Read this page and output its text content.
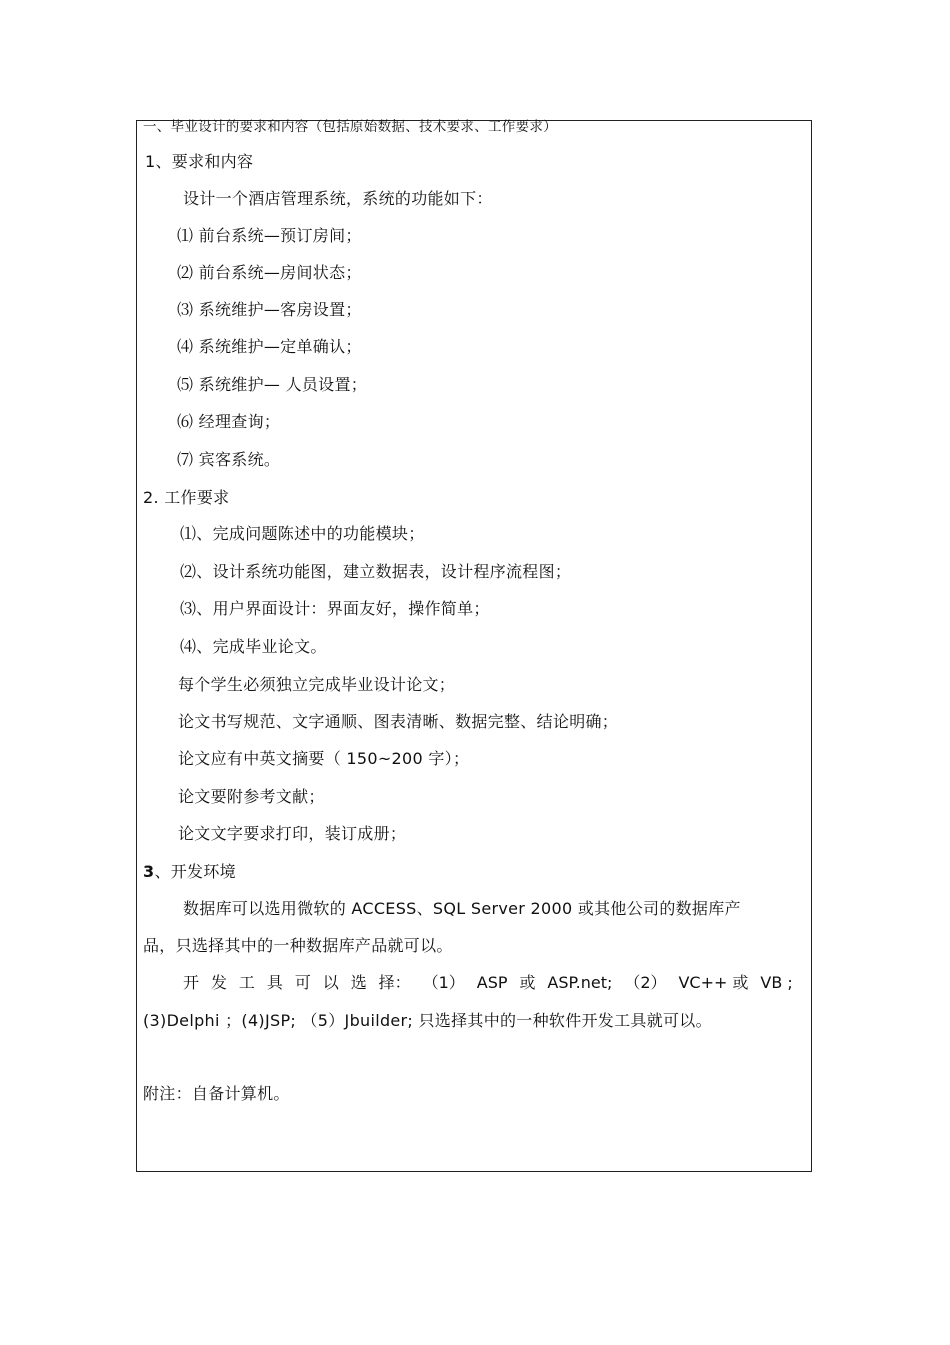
一、毕业设计的要求和内容（包括原始数据、技术要求、工作要求）
1、要求和内容
设计一个酒店管理系统，系统的功能如下：
⑴ 前台系统—预订房间；
⑵ 前台系统—房间状态；
⑶ 系统维护—客房设置；
⑷ 系统维护—定单确认；
⑸ 系统维护— 人员设置；
⑹ 经理查询；
⑺ 宾客系统。
2. 工作要求
⑴、完成问题陈述中的功能模块；
⑵、设计系统功能图，建立数据表，设计程序流程图；
⑶、用户界面设计：界面友好，操作简单；
⑷、完成毕业论文。
每个学生必须独立完成毕业设计论文；
论文书写规范、文字通顺、图表清晰、数据完整、结论明确；
论文应有中英文摘要（ 150~200 字）；
论文要附参考文献；
论文文字要求打印，装订成册；
3、开发环境
数据库可以选用微软的 ACCESS、SQL Server 2000 或其他公司的数据库产
品，只选择其中的一种数据库产品就可以。
开 发 工 具 可 以 选 择： （1） ASP 或 ASP.net; （2） VC++ 或 VB ;
(3)Delphi ；(4)JSP; （5）Jbuilder; 只选择其中的一种软件开发工具就可以。
附注：自备计算机。
